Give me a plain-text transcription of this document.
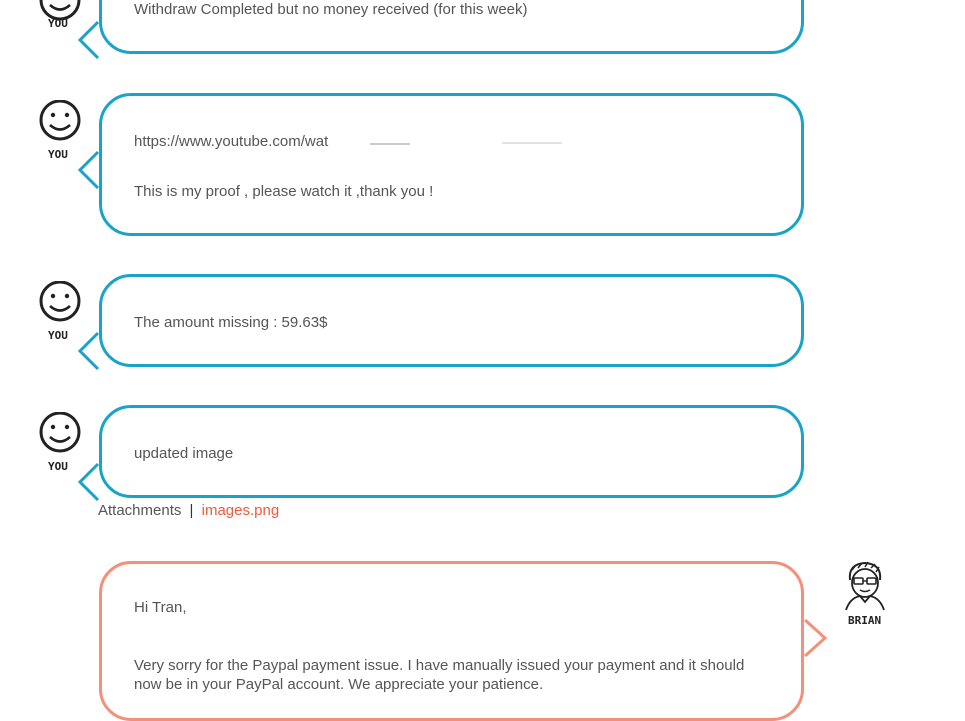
Withdraw Completed but no money received (for this week)
YOU
https://www.youtube.com/wat
This is my proof , please watch it ,thank you !
YOU
The amount missing : 59.63$
YOU
updated image
YOU
Attachments | images.png
Hi Tran,
Very sorry for the Paypal payment issue. I have manually issued your payment and it should
now be in your PayPal account. We appreciate your patience.
BRIAN
